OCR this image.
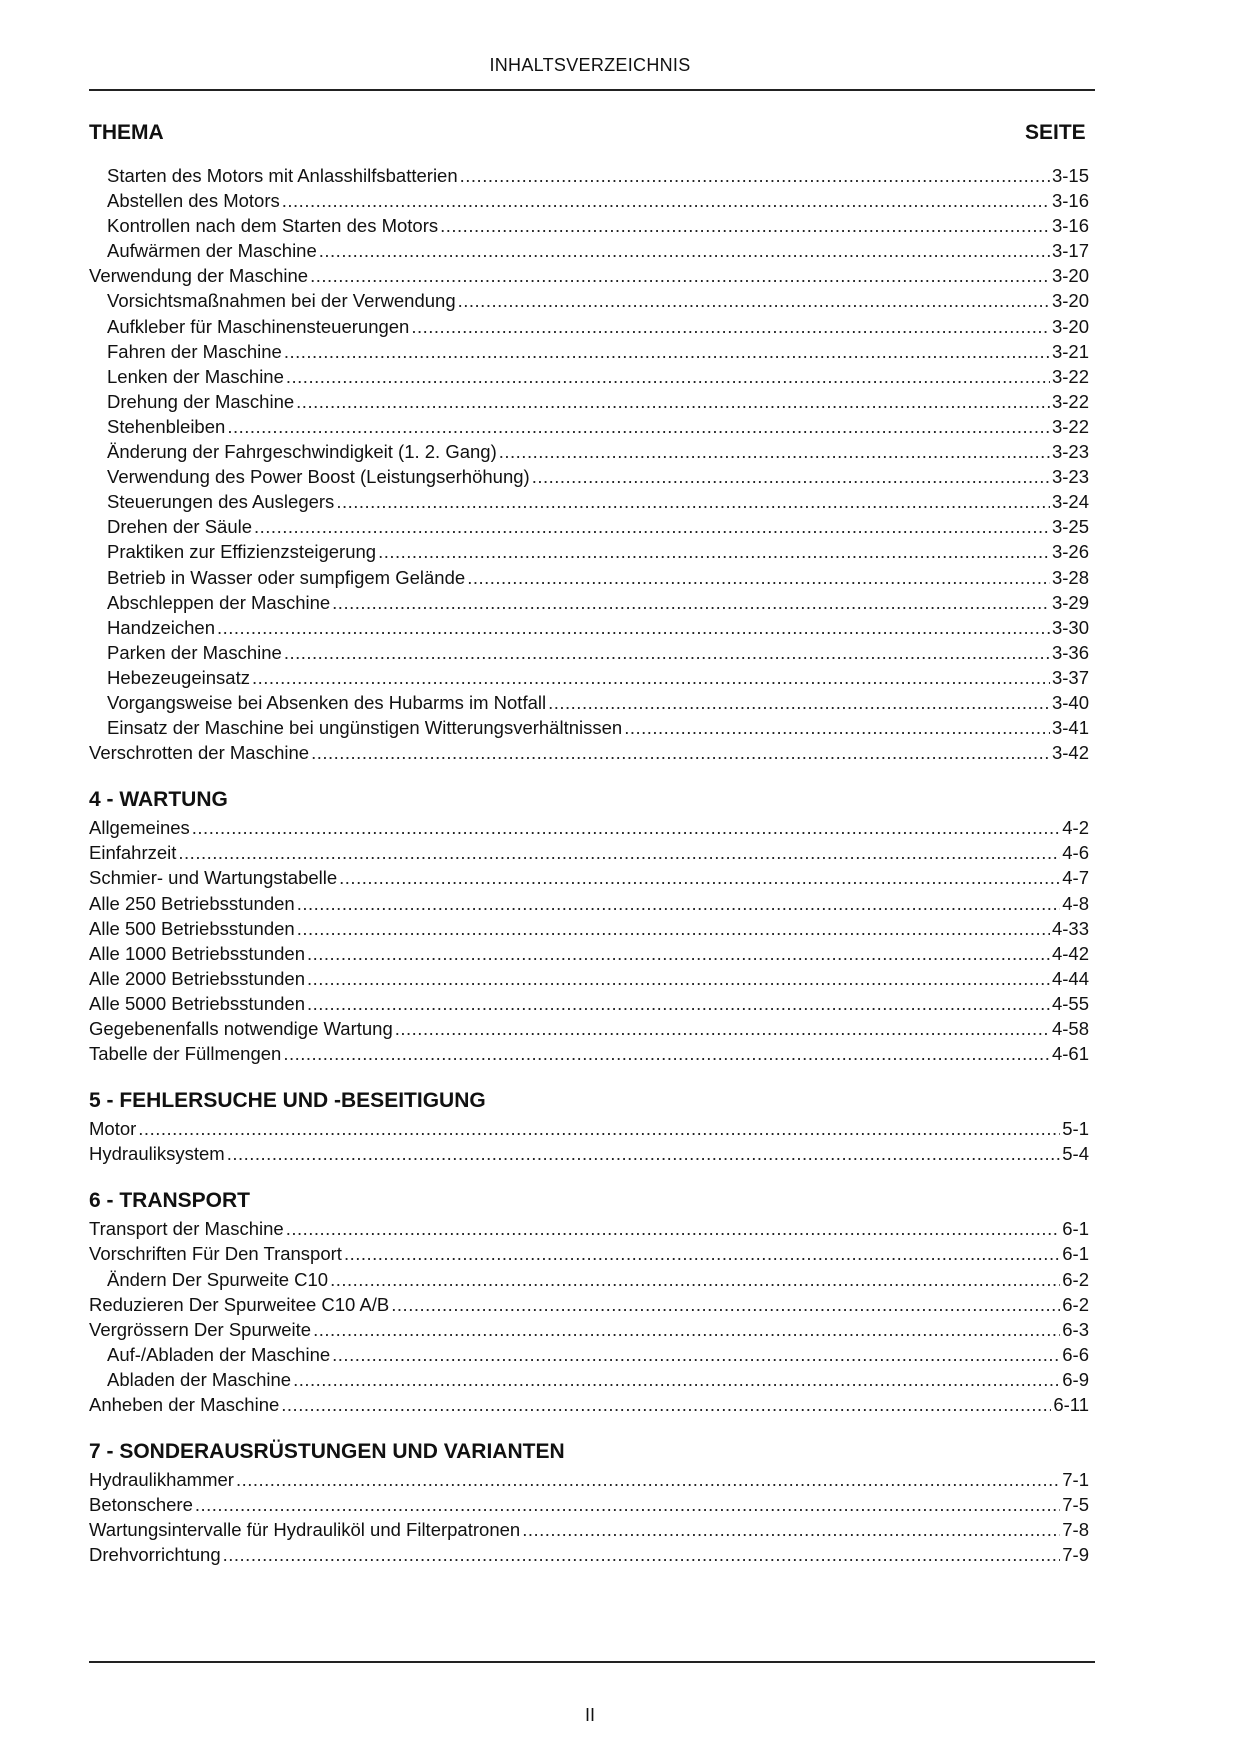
INHALTSVERZEICHNIS
THEMA	SEITE
Starten des Motors mit Anlasshilfsbatterien .....	3-15
Abstellen des Motors .....	3-16
Kontrollen nach dem Starten des Motors .....	3-16
Aufwärmen der Maschine .....	3-17
Verwendung der Maschine .....	3-20
Vorsichtsmaßnahmen bei der Verwendung .....	3-20
Aufkleber für Maschinensteuerungen .....	3-20
Fahren der Maschine .....	3-21
Lenken der Maschine .....	3-22
Drehung der Maschine .....	3-22
Stehenbleiben .....	3-22
Änderung der Fahrgeschwindigkeit (1. 2. Gang) .....	3-23
Verwendung des Power Boost (Leistungserhöhung) .....	3-23
Steuerungen des Auslegers .....	3-24
Drehen der Säule .....	3-25
Praktiken zur Effizienzsteigerung .....	3-26
Betrieb in Wasser oder sumpfigem Gelände .....	3-28
Abschleppen der Maschine .....	3-29
Handzeichen .....	3-30
Parken der Maschine .....	3-36
Hebezeugeinsatz .....	3-37
Vorgangsweise bei Absenken des Hubarms im Notfall .....	3-40
Einsatz der Maschine bei ungünstigen Witterungsverhältnissen .....	3-41
Verschrotten der Maschine .....	3-42
4 - WARTUNG
Allgemeines .....	4-2
Einfahrzeit .....	4-6
Schmier- und Wartungstabelle .....	4-7
Alle 250 Betriebsstunden .....	4-8
Alle 500 Betriebsstunden .....	4-33
Alle 1000 Betriebsstunden .....	4-42
Alle 2000 Betriebsstunden .....	4-44
Alle 5000 Betriebsstunden .....	4-55
Gegebenenfalls notwendige Wartung .....	4-58
Tabelle der Füllmengen .....	4-61
5 - FEHLERSUCHE UND -BESEITIGUNG
Motor .....	5-1
Hydrauliksystem .....	5-4
6 - TRANSPORT
Transport der Maschine .....	6-1
Vorschriften Für Den Transport .....	6-1
Ändern Der Spurweite C10 .....	6-2
Reduzieren Der Spurweitee C10 A/B .....	6-2
Vergrössern Der Spurweite .....	6-3
Auf-/Abladen der Maschine .....	6-6
Abladen der Maschine .....	6-9
Anheben der Maschine .....	6-11
7 - SONDERAUSRÜSTUNGEN UND VARIANTEN
Hydraulikhammer .....	7-1
Betonschere .....	7-5
Wartungsintervalle für Hydrauliköl und Filterpatronen .....	7-8
Drehvorrichtung .....	7-9
II
